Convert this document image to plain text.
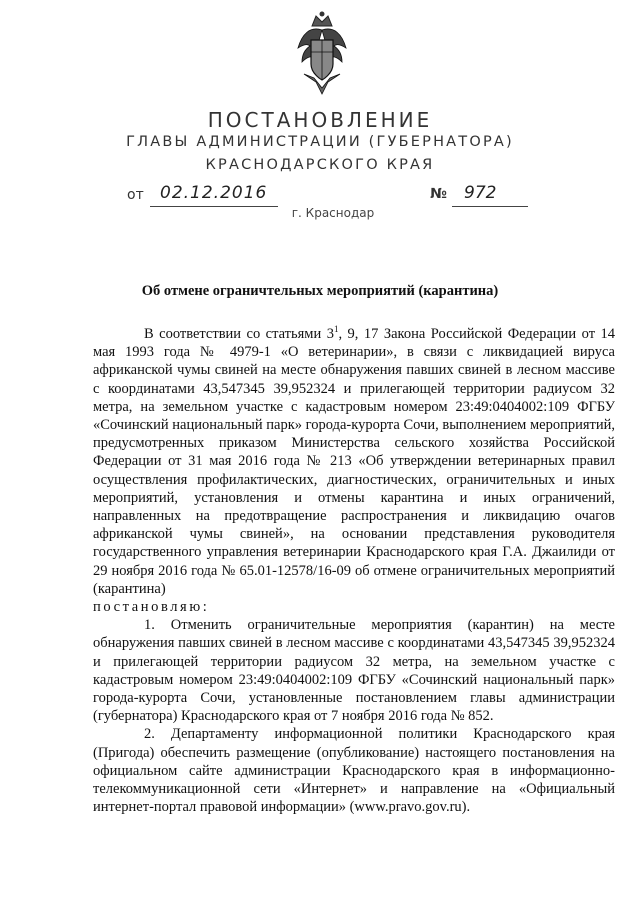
ПОСТАНОВЛЕНИЕ
ГЛАВЫ АДМИНИСТРАЦИИ (ГУБЕРНАТОРА)
КРАСНОДАРСКОГО КРАЯ
от 02.12.2016	№ 972
г. Краснодар
Об отмене ограничтельных мероприятий (карантина)

В соответствии со статьями $3^1$, 9, 17 Закона Российской Федерации от 14 мая 1993 года № 4979-1 «О ветеринарии», в связи с ликвидацией вируса африканской чумы свиней на месте обнаружения павших свиней в лесном массиве с координатами 43,547345 39,952324 и прилегающей территории радиусом 32 метра, на земельном участке с кадастровым номером 23:49:0404002:109 ФГБУ «Сочинский национальный парк» города-курорта Сочи, выполнением мероприятий, предусмотренных приказом Министерства сельского хозяйства Российской Федерации от 31 мая 2016 года № 213 «Об утверждении ветеринарных правил осуществления профилактических, диагностических, ограничительных и иных мероприятий, установления и отмены карантина и иных ограничений, направленных на предотвращение распространения и ликвидацию очагов африканской чумы свиней», на основании представления руководителя государственного управления ветеринарии Краснодарского края Г.А. Джаилиди от 29 ноября 2016 года № 65.01-12578/16-09 об отмене ограничительных мероприятий (карантина)

постановляю:

1. Отменить ограничительные мероприятия (карантин) на месте обнаружения павших свиней в лесном массиве с координатами 43,547345 39,952324 и прилегающей территории радиусом 32 метра, на земельном участке с кадастровым номером 23:49:0404002:109 ФГБУ «Сочинский национальный парк» города-курорта Сочи, установленные постановлением главы администрации (губернатора) Краснодарского края от 7 ноября 2016 года № 852.

2. Департаменту информационной политики Краснодарского края (Пригода) обеспечить размещение (опубликование) настоящего постановления на официальном сайте администрации Краснодарского края в информационно-телекоммуникационной сети «Интернет» и направление на «Официальный интернет-портал правовой информации» (www.pravo.gov.ru).
